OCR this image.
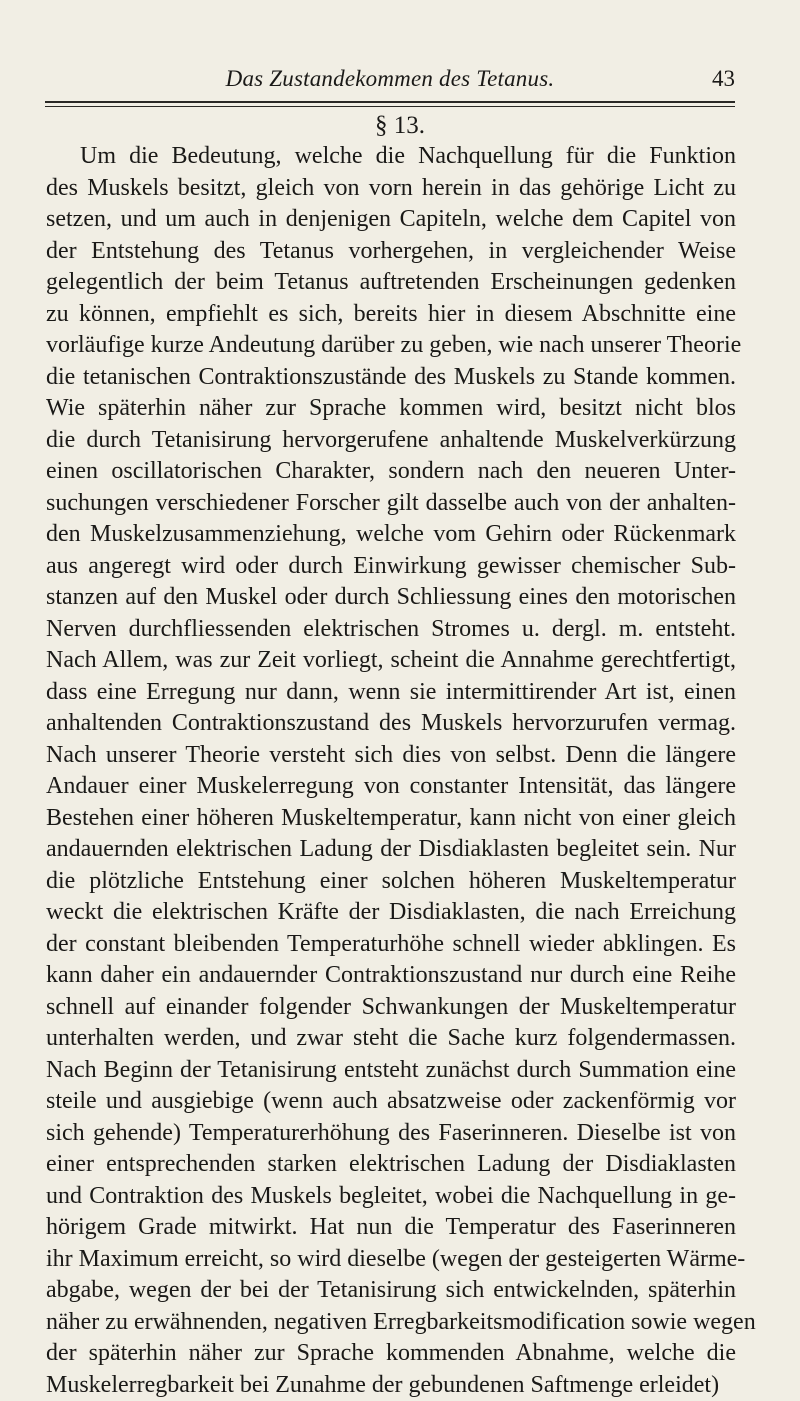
Das Zustandekommen des Tetanus.	43
§ 13.
Um die Bedeutung, welche die Nachquellung für die Funktion
des Muskels besitzt, gleich von vorn herein in das gehörige Licht zu
setzen, und um auch in denjenigen Capiteln, welche dem Capitel von
der Entstehung des Tetanus vorhergehen, in vergleichender Weise
gelegentlich der beim Tetanus auftretenden Erscheinungen gedenken
zu können, empfiehlt es sich, bereits hier in diesem Abschnitte eine
vorläufige kurze Andeutung darüber zu geben, wie nach unserer Theorie
die tetanischen Contraktionszustände des Muskels zu Stande kommen.
Wie späterhin näher zur Sprache kommen wird, besitzt nicht blos
die durch Tetanisirung hervorgerufene anhaltende Muskelverkürzung
einen oscillatorischen Charakter, sondern nach den neueren Unter-
suchungen verschiedener Forscher gilt dasselbe auch von der anhalten-
den Muskelzusammenziehung, welche vom Gehirn oder Rückenmark
aus angeregt wird oder durch Einwirkung gewisser chemischer Sub-
stanzen auf den Muskel oder durch Schliessung eines den motorischen
Nerven durchfliessenden elektrischen Stromes u. dergl. m. entsteht.
Nach Allem, was zur Zeit vorliegt, scheint die Annahme gerechtfertigt,
dass eine Erregung nur dann, wenn sie intermittirender Art ist, einen
anhaltenden Contraktionszustand des Muskels hervorzurufen vermag.
Nach unserer Theorie versteht sich dies von selbst. Denn die längere
Andauer einer Muskelerregung von constanter Intensität, das längere
Bestehen einer höheren Muskeltemperatur, kann nicht von einer gleich
andauernden elektrischen Ladung der Disdiaklasten begleitet sein. Nur
die plötzliche Entstehung einer solchen höheren Muskeltemperatur
weckt die elektrischen Kräfte der Disdiaklasten, die nach Erreichung
der constant bleibenden Temperaturhöhe schnell wieder abklingen. Es
kann daher ein andauernder Contraktionszustand nur durch eine Reihe
schnell auf einander folgender Schwankungen der Muskeltemperatur
unterhalten werden, und zwar steht die Sache kurz folgendermassen.
Nach Beginn der Tetanisirung entsteht zunächst durch Summation eine
steile und ausgiebige (wenn auch absatzweise oder zackenförmig vor
sich gehende) Temperaturerhöhung des Faserinneren. Dieselbe ist von
einer entsprechenden starken elektrischen Ladung der Disdiaklasten
und Contraktion des Muskels begleitet, wobei die Nachquellung in ge-
hörigem Grade mitwirkt. Hat nun die Temperatur des Faserinneren
ihr Maximum erreicht, so wird dieselbe (wegen der gesteigerten Wärme-
abgabe, wegen der bei der Tetanisirung sich entwickelnden, späterhin
näher zu erwähnenden, negativen Erregbarkeitsmodification sowie wegen
der späterhin näher zur Sprache kommenden Abnahme, welche die
Muskelerregbarkeit bei Zunahme der gebundenen Saftmenge erleidet)
